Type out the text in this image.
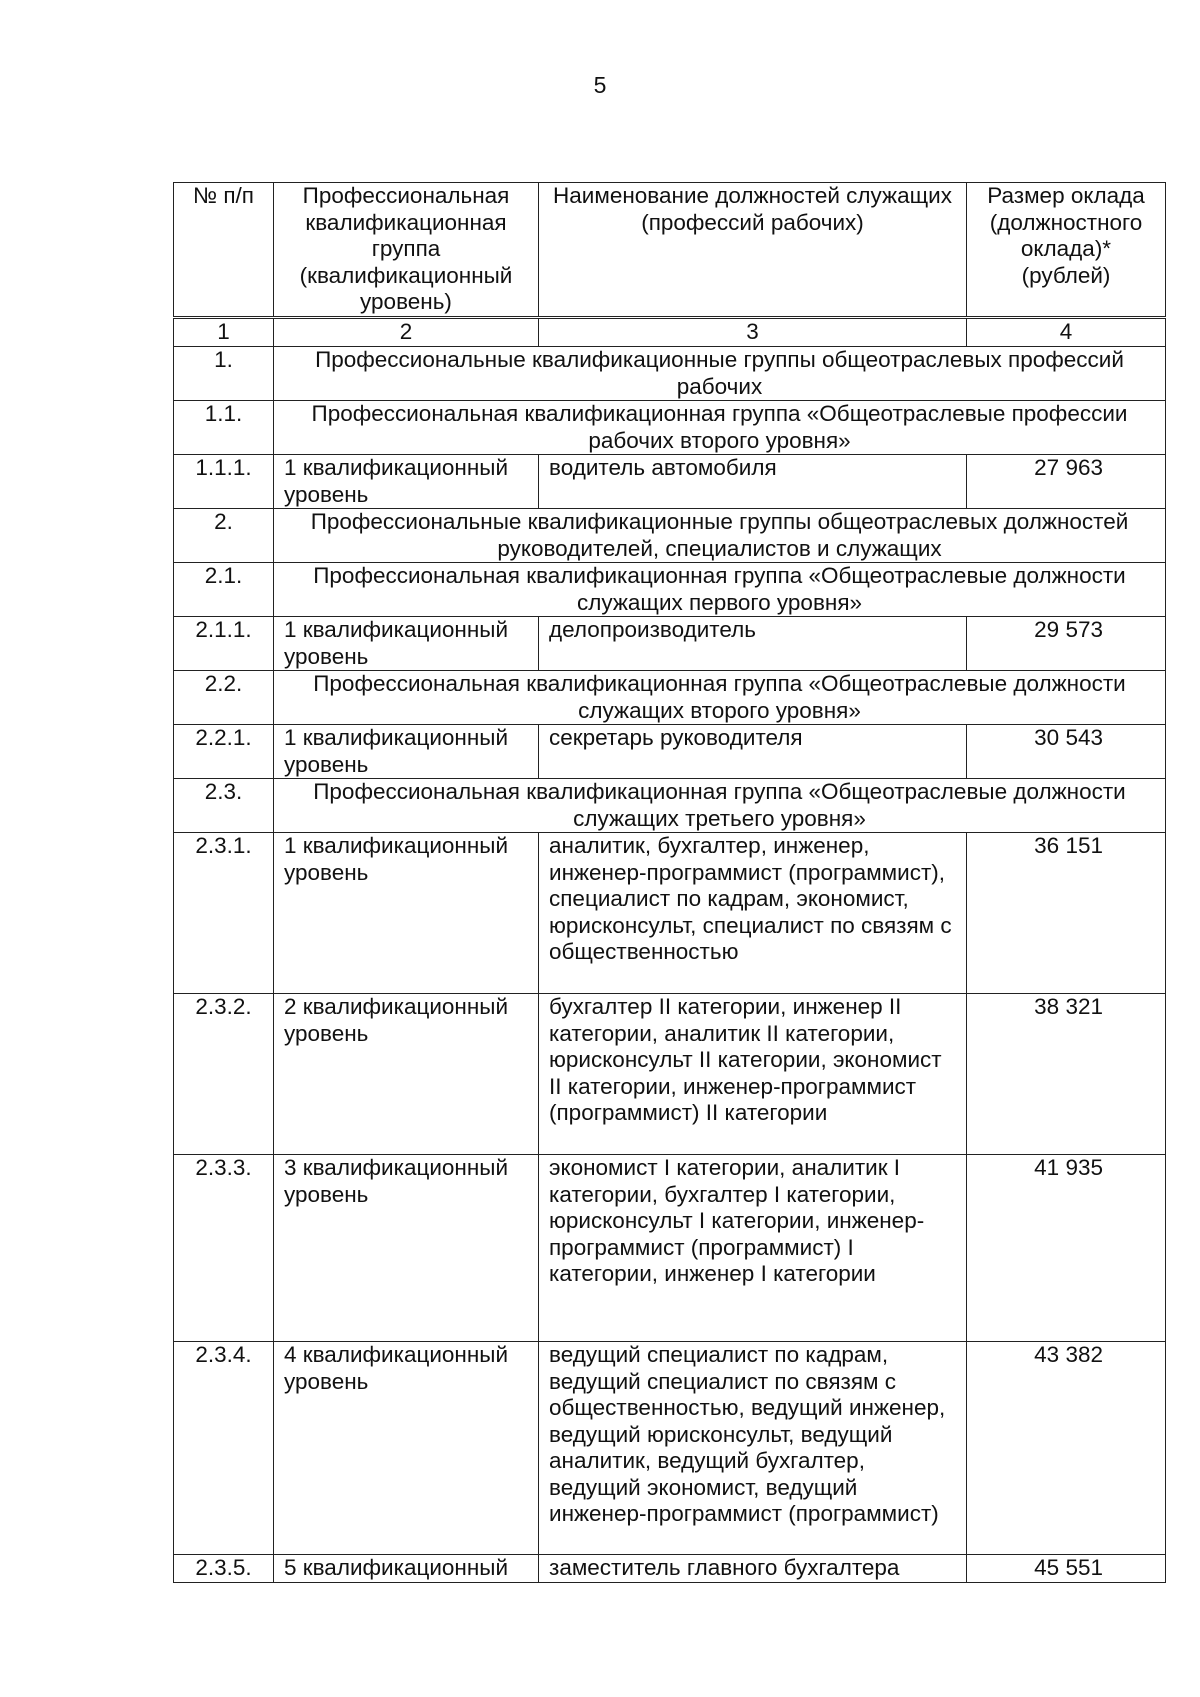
5
№ п/п	Профессиональная квалификационная группа (квалификационный уровень)	Наименование должностей служащих (профессий рабочих)	Размер оклада (должностного оклада)* (рублей)
1	2	3	4
1.	Профессиональные квалификационные группы общеотраслевых профессий рабочих		
1.1.	Профессиональная квалификационная группа «Общеотраслевые профессии рабочих второго уровня»		
1.1.1.	1 квалификационный уровень	водитель автомобиля	27 963
2.	Профессиональные квалификационные группы общеотраслевых должностей руководителей, специалистов и служащих		
2.1.	Профессиональная квалификационная группа «Общеотраслевые должности служащих первого уровня»		
2.1.1.	1 квалификационный уровень	делопроизводитель	29 573
2.2.	Профессиональная квалификационная группа «Общеотраслевые должности служащих второго уровня»		
2.2.1.	1 квалификационный уровень	секретарь руководителя	30 543
2.3.	Профессиональная квалификационная группа «Общеотраслевые должности служащих третьего уровня»		
2.3.1.	1 квалификационный уровень	аналитик, бухгалтер, инженер, инженер-программист (программист), специалист по кадрам, экономист, юрисконсульт, специалист по связям с общественностью	36 151
2.3.2.	2 квалификационный уровень	бухгалтер II категории, инженер II категории, аналитик II категории, юрисконсульт II категории, экономист II категории, инженер-программист (программист) II категории	38 321
2.3.3.	3 квалификационный уровень	экономист I категории, аналитик I категории, бухгалтер I категории, юрисконсульт I категории, инженер-программист (программист) I категории, инженер I категории	41 935
2.3.4.	4 квалификационный уровень	ведущий специалист по кадрам, ведущий специалист по связям с общественностью, ведущий инженер, ведущий юрисконсульт, ведущий аналитик, ведущий бухгалтер, ведущий экономист, ведущий инженер-программист (программист)	43 382
2.3.5.	5 квалификационный	заместитель главного бухгалтера	45 551
